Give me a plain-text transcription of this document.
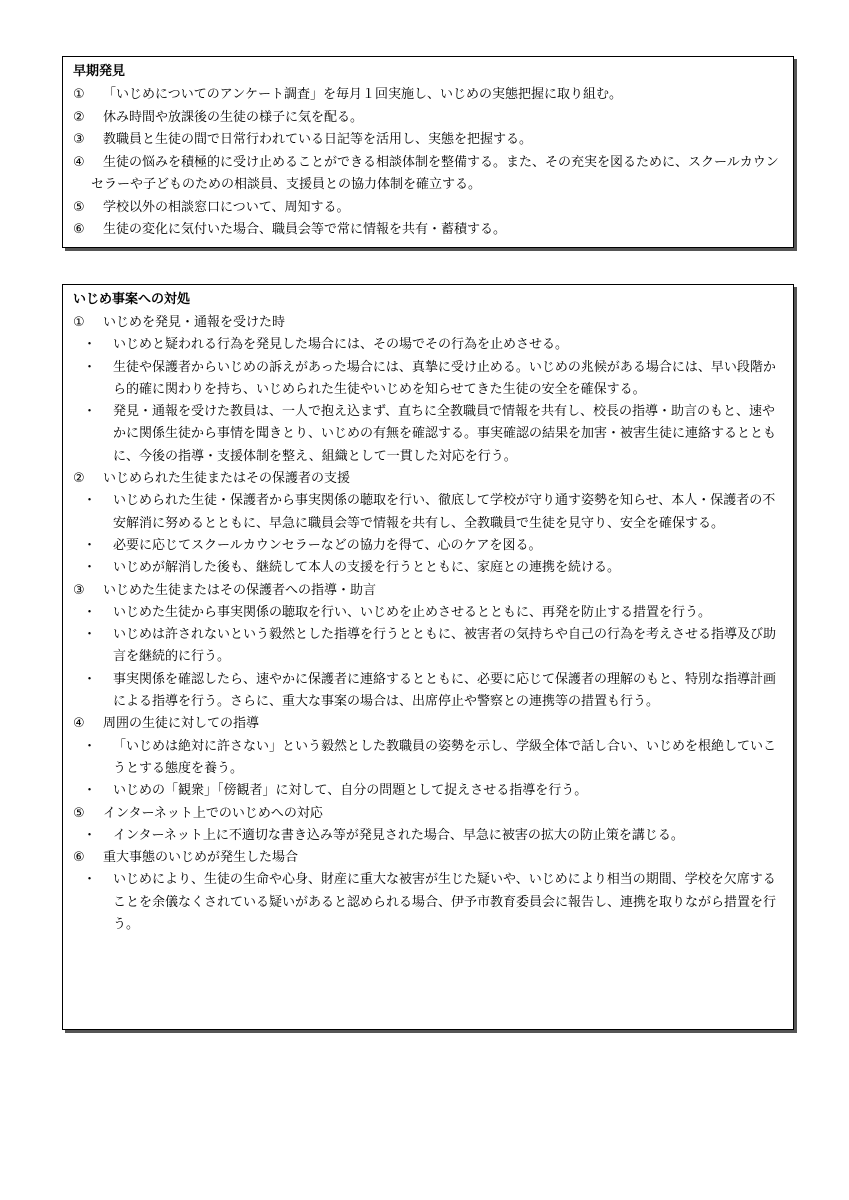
早期発見
① 「いじめについてのアンケート調査」を毎月１回実施し、いじめの実態把握に取り組む。
② 休み時間や放課後の生徒の様子に気を配る。
③ 教職員と生徒の間で日常行われている日記等を活用し、実態を把握する。
④ 生徒の悩みを積極的に受け止めることができる相談体制を整備する。また、その充実を図るために、スクールカウンセラーや子どものための相談員、支援員との協力体制を確立する。
⑤ 学校以外の相談窓口について、周知する。
⑥ 生徒の変化に気付いた場合、職員会等で常に情報を共有・蓄積する。
いじめ事案への対処
① いじめを発見・通報を受けた時
・ いじめと疑われる行為を発見した場合には、その場でその行為を止めさせる。
・ 生徒や保護者からいじめの訴えがあった場合には、真摯に受け止める。いじめの兆候がある場合には、早い段階から的確に関わりを持ち、いじめられた生徒やいじめを知らせてきた生徒の安全を確保する。
・ 発見・通報を受けた教員は、一人で抱え込まず、直ちに全教職員で情報を共有し、校長の指導・助言のもと、速やかに関係生徒から事情を聞きとり、いじめの有無を確認する。事実確認の結果を加害・被害生徒に連絡するとともに、今後の指導・支援体制を整え、組織として一貫した対応を行う。
② いじめられた生徒またはその保護者の支援
・ いじめられた生徒・保護者から事実関係の聴取を行い、徹底して学校が守り通す姿勢を知らせ、本人・保護者の不安解消に努めるとともに、早急に職員会等で情報を共有し、全教職員で生徒を見守り、安全を確保する。
・ 必要に応じてスクールカウンセラーなどの協力を得て、心のケアを図る。
・ いじめが解消した後も、継続して本人の支援を行うとともに、家庭との連携を続ける。
③ いじめた生徒またはその保護者への指導・助言
・ いじめた生徒から事実関係の聴取を行い、いじめを止めさせるとともに、再発を防止する措置を行う。
・ いじめは許されないという毅然とした指導を行うとともに、被害者の気持ちや自己の行為を考えさせる指導及び助言を継続的に行う。
・ 事実関係を確認したら、速やかに保護者に連絡するとともに、必要に応じて保護者の理解のもと、特別な指導計画による指導を行う。さらに、重大な事案の場合は、出席停止や警察との連携等の措置も行う。
④ 周囲の生徒に対しての指導
・ 「いじめは絶対に許さない」という毅然とした教職員の姿勢を示し、学級全体で話し合い、いじめを根絶していこうとする態度を養う。
・ いじめの「観衆」「傍観者」に対して、自分の問題として捉えさせる指導を行う。
⑤ インターネット上でのいじめへの対応
・ インターネット上に不適切な書き込み等が発見された場合、早急に被害の拡大の防止策を講じる。
⑥ 重大事態のいじめが発生した場合
・ いじめにより、生徒の生命や心身、財産に重大な被害が生じた疑いや、いじめにより相当の期間、学校を欠席することを余儀なくされている疑いがあると認められる場合、伊予市教育委員会に報告し、連携を取りながら措置を行う。
